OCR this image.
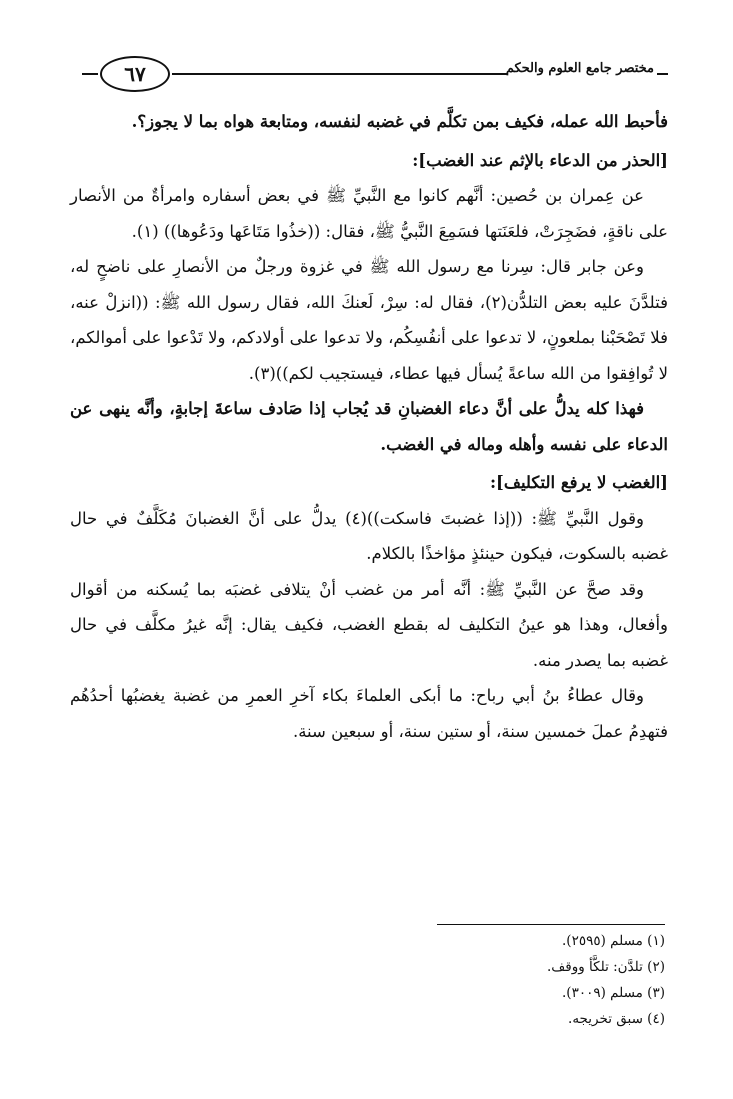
٦٧	مختصر جامع العلوم والحكم

فأحبط الله عمله، فكيف بمن تكلَّم في غضبه لنفسه، ومتابعة هواه بما لا يجوز؟.

[الحذر من الدعاء بالإثم عند الغضب]:

عن عِمران بن حُصين: أنَّهم كانوا مع النَّبيِّ ﷺ في بعض أسفاره وامرأةٌ من الأنصار على ناقةٍ، فضَجِرَتْ، فلعَنَتها فسَمِعَ النَّبيُّ ﷺ، فقال: ((خذُوا مَتَاعَها ودَعُوها)) (١).

وعن جابر قال: سِرنا مع رسول الله ﷺ في غزوة ورجلٌ من الأنصارِ على ناضحٍ له، فتلدَّنَ عليه بعض التلدُّن(٢)، فقال له: سِرْ، لَعنكَ الله، فقال رسول الله ﷺ: ((انزلْ عنه، فلا تَصْحَبْنا بملعونٍ، لا تدعوا على أنفُسِكُم، ولا تدعوا على أولادكم، ولا تَدْعوا على أموالكم، لا تُوافِقوا من الله ساعةً يُسأل فيها عطاء، فيستجيب لكم))(٣).

فهذا كله يدلُّ على أنَّ دعاء الغضبانِ قد يُجاب إذا صَادف ساعةَ إجابةٍ، وأنَّه ينهى عن الدعاء على نفسه وأهله وماله في الغضب.

[الغضب لا يرفع التكليف]:

وقول النَّبيِّ ﷺ: ((إذا غضبتَ فاسكت))(٤) يدلُّ على أنَّ الغضبانَ مُكَلَّفٌ في حال غضبه بالسكوت، فيكون حينئذٍ مؤاخذًا بالكلام.

وقد صحَّ عن النَّبيِّ ﷺ: أنَّه أمر من غضب أنْ يتلافى غضبَه بما يُسكنه من أقوال وأفعال، وهذا هو عينُ التكليف له بقطع الغضب، فكيف يقال: إنَّه غيرُ مكلَّف في حال غضبه بما يصدر منه.

وقال عطاءُ بنُ أبي رباح: ما أبكى العلماءَ بكاء آخرِ العمرِ من غضبة يغضبُها أحدُهُم فتهدِمُ عملَ خمسين سنة، أو ستين سنة، أو سبعين سنة.

(١) مسلم (٢٥٩٥).
(٢) تلدَّن: تلكَّأ ووقف.
(٣) مسلم (٣٠٠٩).
(٤) سبق تخريجه.
